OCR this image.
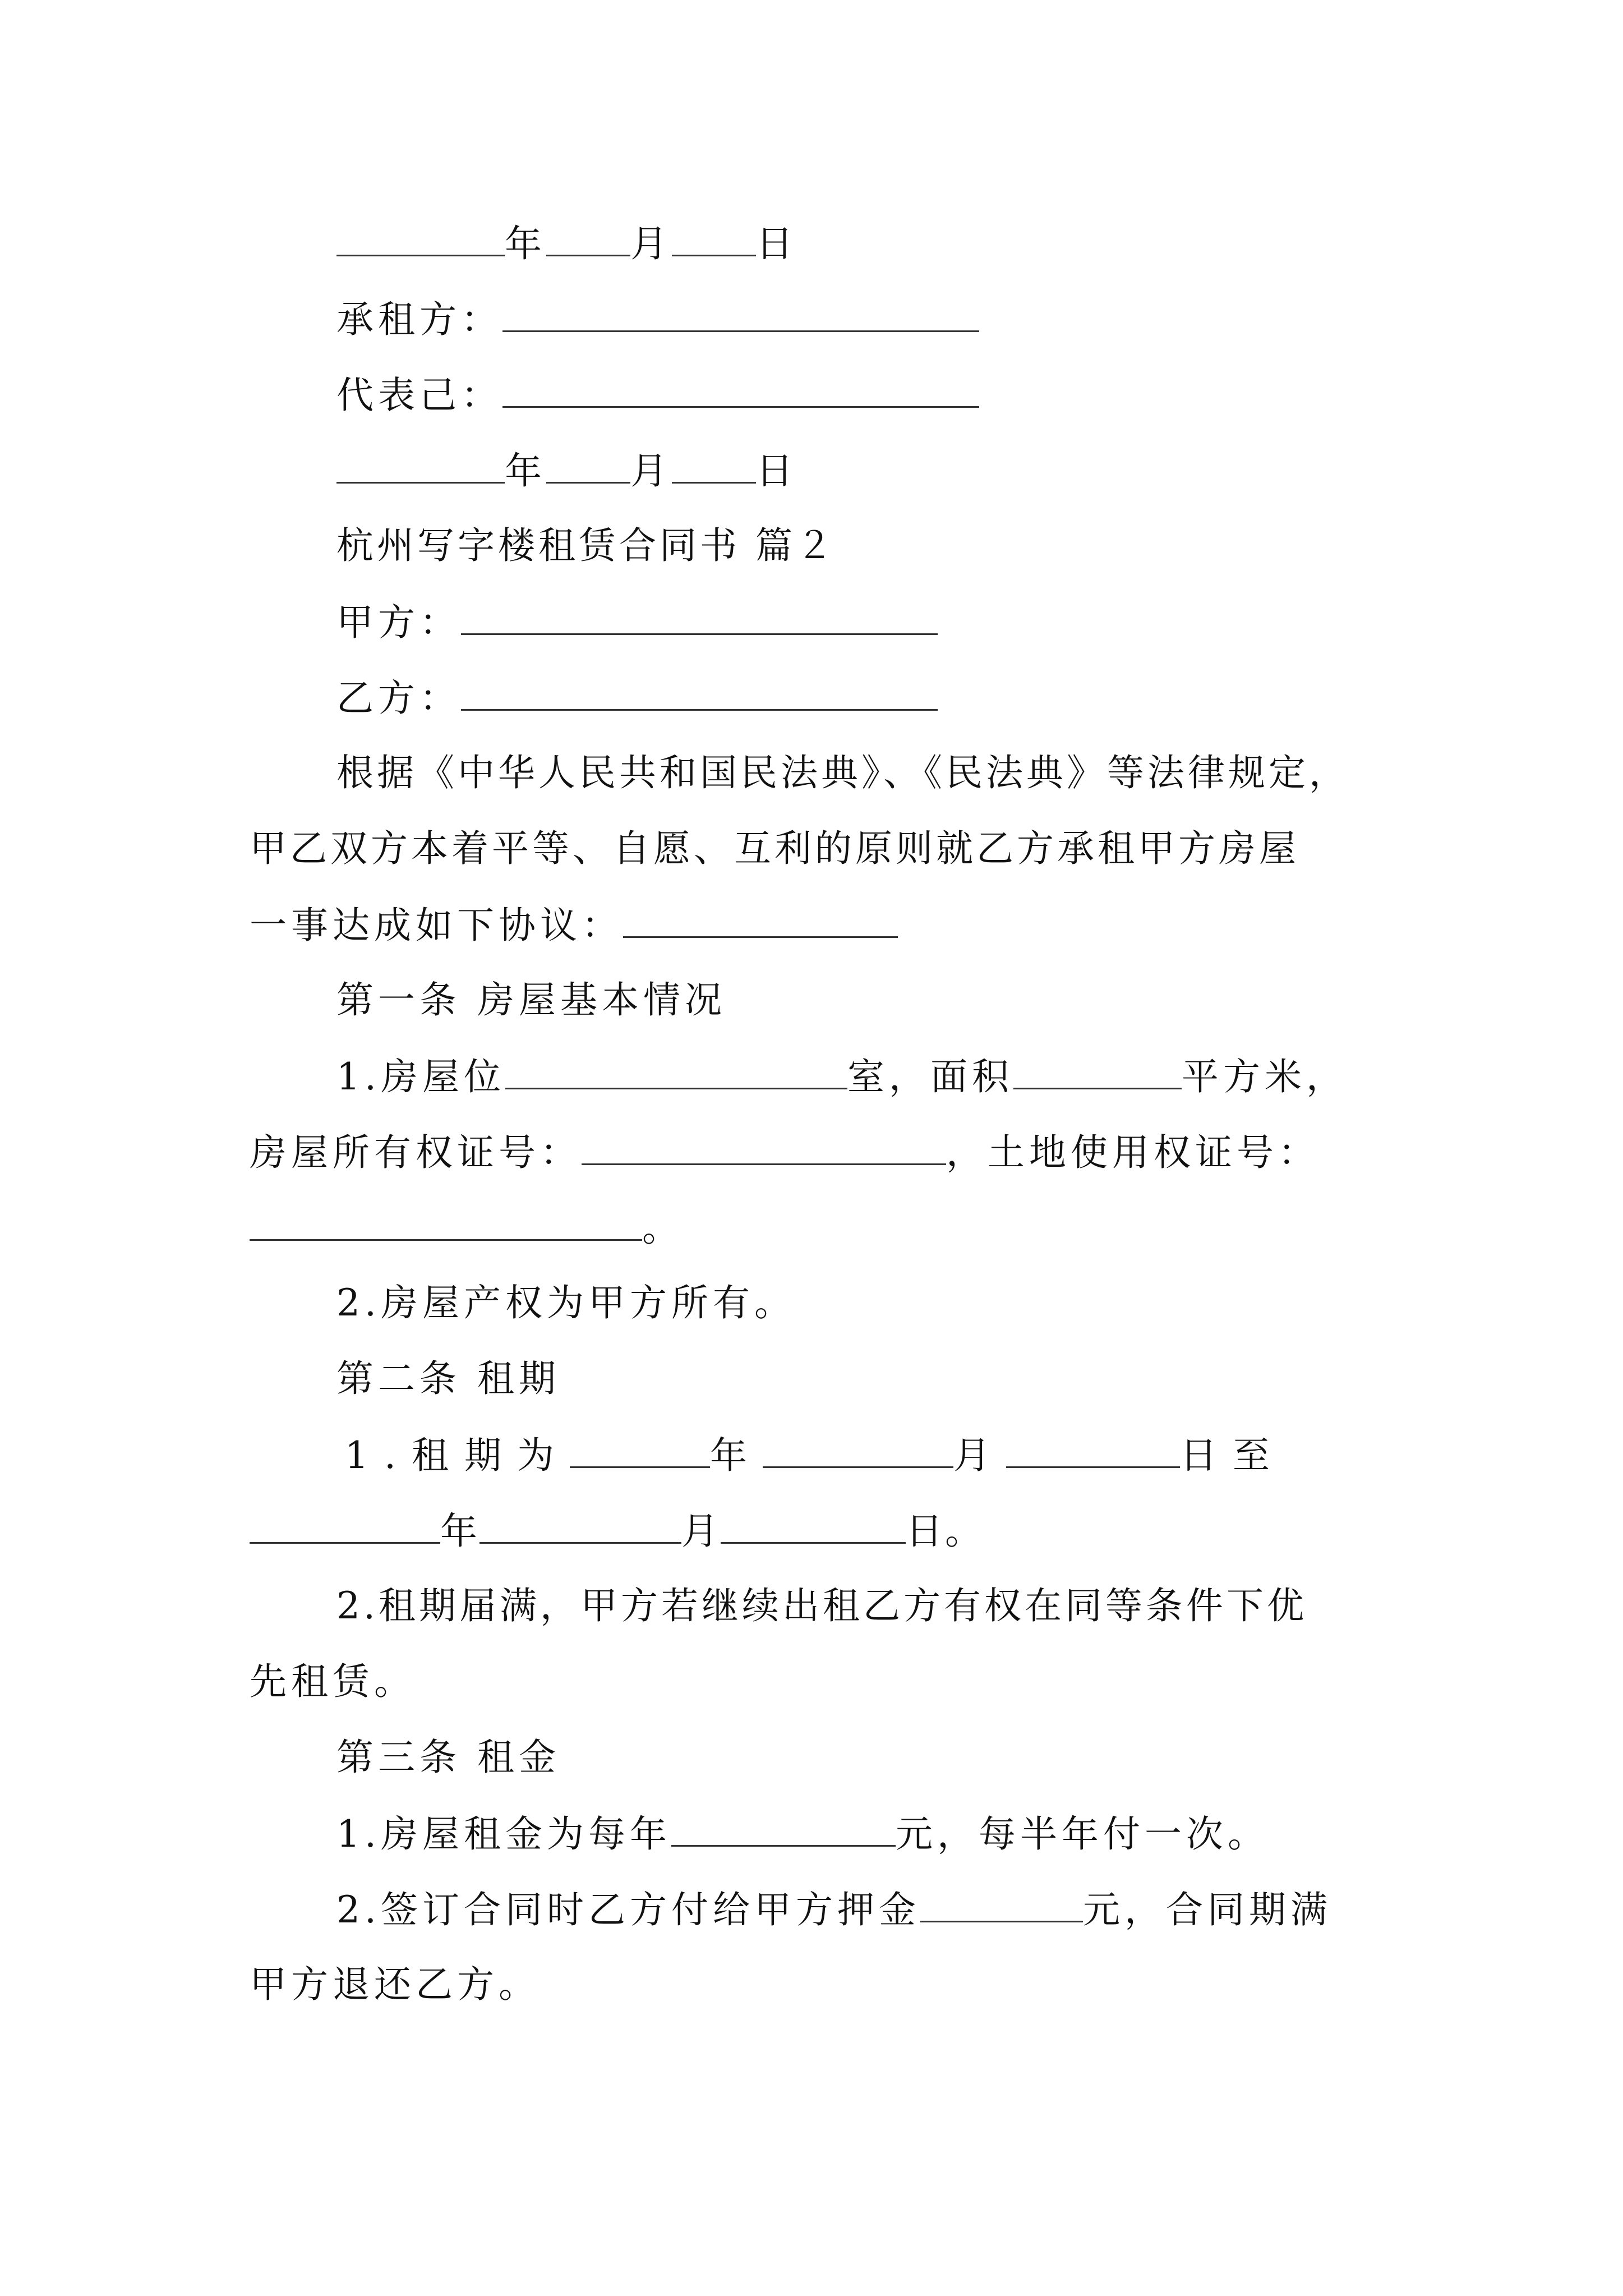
年 月 日
承租方：
代表己：
年 月 日
杭州写字楼租赁合同书 篇２
甲方：
乙方：
根据《中华人民共和国民法典》、《民法典》等法律规定，
甲乙双方本着平等、自愿、互利的原则就乙方承租甲方房屋
一事达成如下协议：
第一条 房屋基本情况
1.房屋位	室，面积	平方米，
房屋所有权证号：	，土地使用权证号：
。
2.房屋产权为甲方所有。
第二条 租期
1.租期为	年	月	日至
年	月	日。
2.租期届满，甲方若继续出租乙方有权在同等条件下优
先租赁。
第三条 租金
1.房屋租金为每年	元，每半年付一次。
2.签订合同时乙方付给甲方押金	元，合同期满
甲方退还乙方。
